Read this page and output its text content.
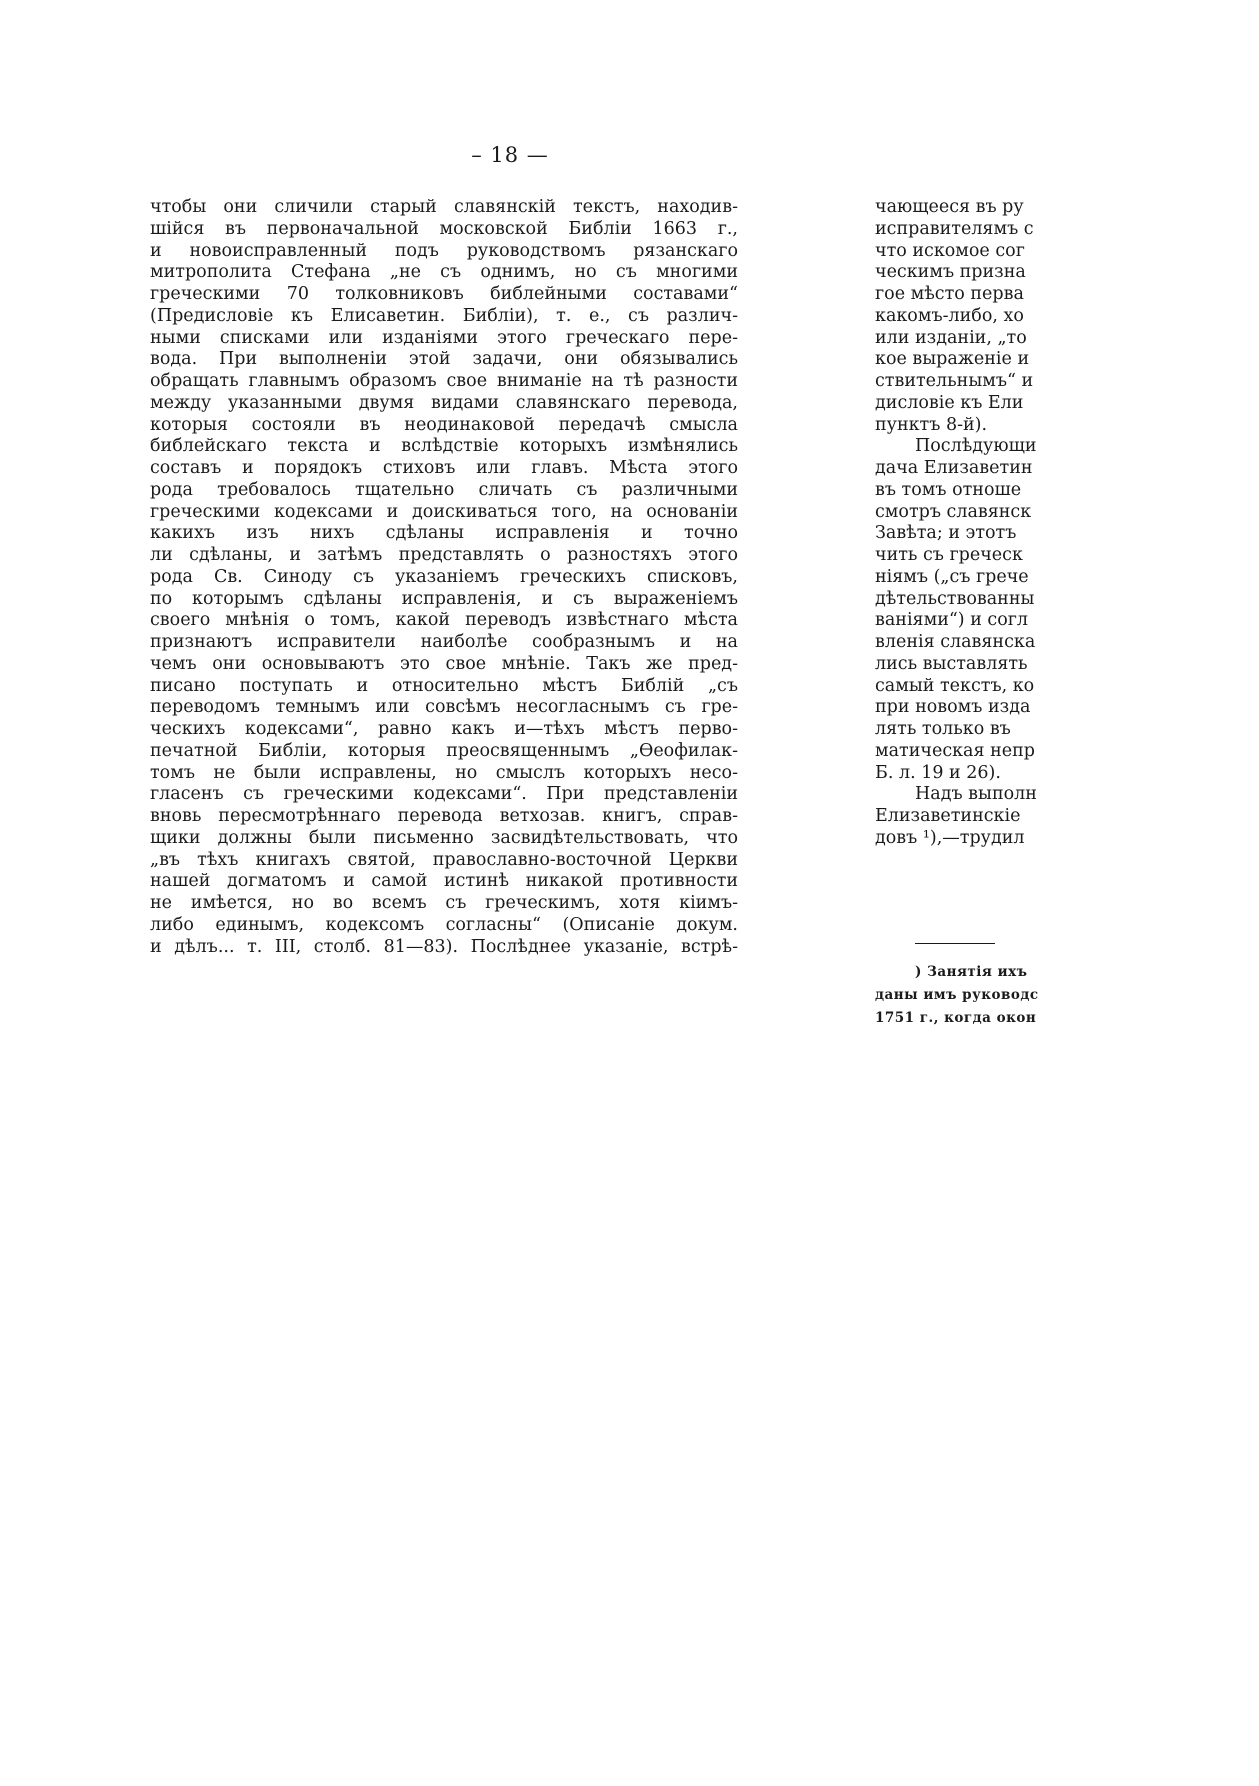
– 18 —
чтобы они сличили старый славянскій текстъ, находив-
шійся въ первоначальной московской Библіи 1663 г.,
и новоисправленный подъ руководствомъ рязанскаго
митрополита Стефана „не съ однимъ, но съ многими
греческими 70 толковниковъ библейными составами“
(Предисловіе къ Елисаветин. Библіи), т. е., съ различ-
ными списками или изданіями этого греческаго пере-
вода. При выполненіи этой задачи, они обязывались
обращать главнымъ образомъ свое вниманіе на тѣ разности
между указанными двумя видами славянскаго перевода,
которыя состояли въ неодинаковой передачѣ смысла
библейскаго текста и вслѣдствіе которыхъ измѣнялись
составъ и порядокъ стиховъ или главъ. Мѣста этого
рода требовалось тщательно сличать съ различными
греческими кодексами и доискиваться того, на основаніи
какихъ изъ нихъ сдѣланы исправленія и точно
ли сдѣланы, и затѣмъ представлять о разностяхъ этого
рода Св. Синоду съ указаніемъ греческихъ списковъ,
по которымъ сдѣланы исправленія, и съ выраженіемъ
своего мнѣнія о томъ, какой переводъ извѣстнаго мѣста
признаютъ исправители наиболѣе сообразнымъ и на
чемъ они основываютъ это свое мнѣніе. Такъ же пред-
писано поступать и относительно мѣстъ Библій „съ
переводомъ темнымъ или совсѣмъ несогласнымъ съ гре-
ческихъ кодексами“, равно какъ и—тѣхъ мѣстъ перво-
печатной Библіи, которыя преосвященнымъ „Ѳеофилак-
томъ не были исправлены, но смыслъ которыхъ несо-
гласенъ съ греческими кодексами“. При представленіи
вновь пересмотрѣннаго перевода ветхозав. книгъ, справ-
щики должны были письменно засвидѣтельствовать, что
„въ тѣхъ книгахъ святой, православно-восточной Церкви
нашей догматомъ и самой истинѣ никакой противности
не имѣется, но во всемъ съ греческимъ, хотя кіимъ-
либо единымъ, кодексомъ согласны“ (Описаніе докум.
и дѣлъ... т. III, столб. 81—83). Послѣднее указаніе, встрѣ-
чающееся въ ру
исправителямъ с
что искомое сог
ческимъ призна
гое мѣсто перва
какомъ-либо, хо
или изданіи, „то
кое выраженіе и
ствительнымъ“ и
дисловіе къ Ели
пунктъ 8-й).
Послѣдующи
дача Елизаветин
въ томъ отноше
смотръ славянск
Завѣта; и этотъ
чить съ греческ
ніямъ („съ грече
дѣтельствованны
ваніями“) и согл
вленія славянска
лись выставлять
самый текстъ, ко
при новомъ изда
лять только въ
матическая непр
Б. л. 19 и 26).
Надъ выполн
Елизаветинскіе
довъ ¹),—трудил
) Занятія ихъ
даны имъ руководс
1751 г., когда окон
